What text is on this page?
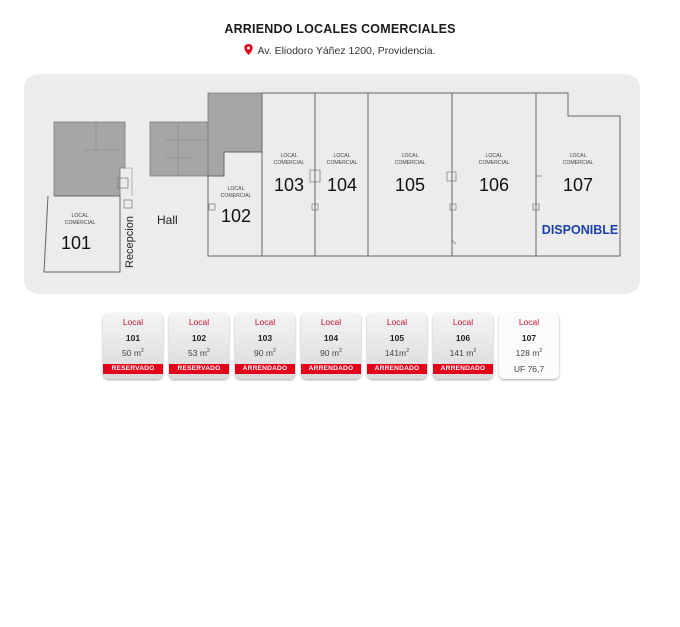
ARRIENDO LOCALES COMERCIALES
Av. Eliodoro Yáñez 1200, Providencia.
LOCAL
COMERCIAL
LOCAL
COMERCIAL
LOCAL
COMERCIAL
LOCAL
COMERCIAL
LOCAL
COMERCIAL
LOCAL
COMERCIAL
LOCAL
COMERCIAL
101
102
103 104 105	106	107
Hall
Recepcion	DISPONIBLE
Local
101
50 $m^2$
RESERVADO
Local
102
53 $m^2$
RESERVADO
Local
103
90 $m^2$
ARRENDADO
Local
104
90 $m^2$
ARRENDADO
Local
105
$141m^2$
ARRENDADO
Local
106
141 $m^2$
ARRENDADO
Local
107
128 $m^2$
UF 76,7
